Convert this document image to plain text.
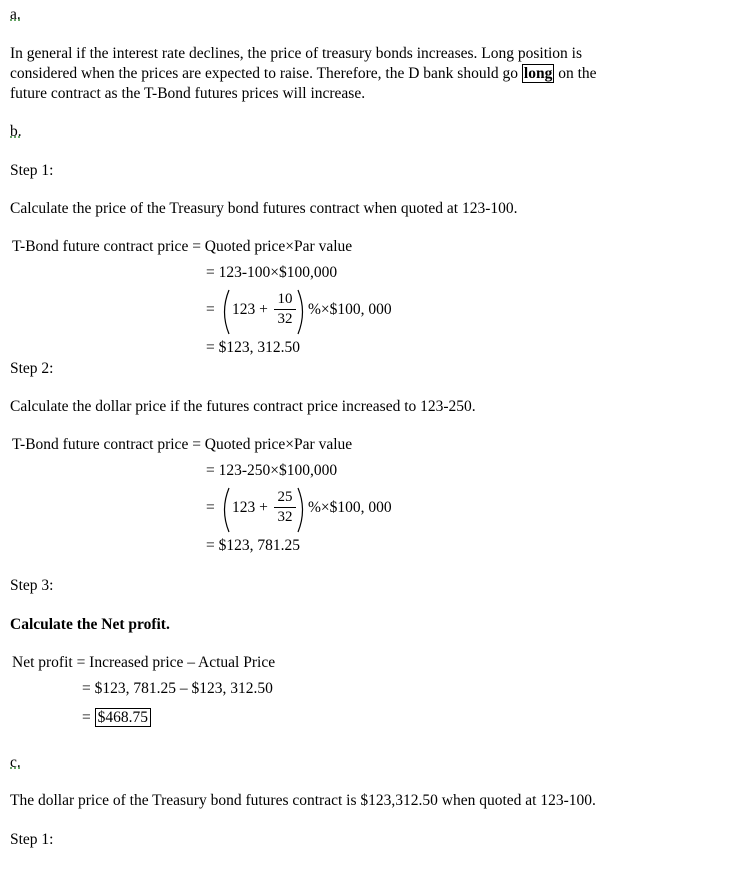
a.
In general if the interest rate declines, the price of treasury bonds increases. Long position is
considered when the prices are expected to raise. Therefore, the D bank should go long on the
future contract as the T-Bond futures prices will increase.
b.
Step 1:
Calculate the price of the Treasury bond futures contract when quoted at 123-100.
T-Bond future contract price = Quoted price×Par value
= 123-100×$100,000
= 123 +
10
32
%×$100, 000
= $123, 312.50
Step 2:
Calculate the dollar price if the futures contract price increased to 123-250.
T-Bond future contract price = Quoted price×Par value
= 123-250×$100,000
= 123 +
25
32
%×$100, 000
= $123, 781.25
Step 3:
Calculate the Net profit.
Net profit = Increased price – Actual Price
= $123, 781.25 – $123, 312.50
= $468.75
c.
The dollar price of the Treasury bond futures contract is $123,312.50 when quoted at 123-100.
Step 1:
